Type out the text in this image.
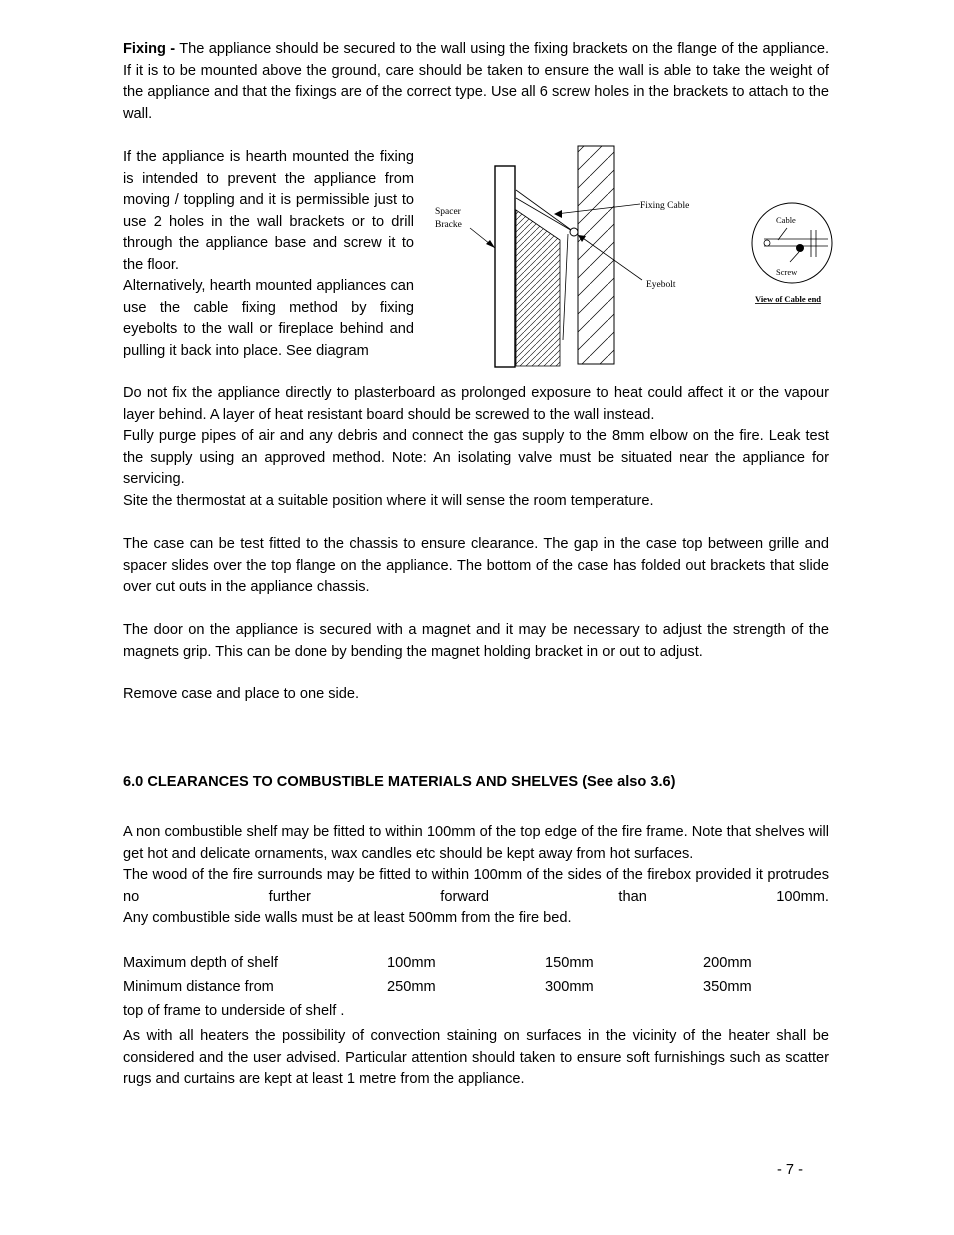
Fixing - The appliance should be secured to the wall using the fixing brackets on the flange of the appliance. If it is to be mounted above the ground, care should be taken to ensure the wall is able to take the weight of the appliance and that the fixings are of the correct type. Use all 6 screw holes in the brackets to attach to the wall.

If the appliance is hearth mounted the fixing is intended to prevent the appliance from moving / toppling and it is permissible just to use 2 holes in the wall brackets or to drill through the appliance base and screw it to the floor.

Alternatively, hearth mounted appliances can use the cable fixing method by fixing eyebolts to the wall or fireplace behind and pulling it back into place. See diagram

Spacer
Bracke
Fixing Cable
Eyebolt
Cable
Screw
View of Cable end

Do not fix the appliance directly to plasterboard as prolonged exposure to heat could affect it or the vapour layer behind. A layer of heat resistant board should be screwed to the wall instead.

Fully purge pipes of air and any debris and connect the gas supply to the 8mm elbow on the fire. Leak test the supply using an approved method. Note: An isolating valve must be situated near the appliance for servicing.

Site the thermostat at a suitable position where it will sense the room temperature.

The case can be test fitted to the chassis to ensure clearance. The gap in the case top between grille and spacer slides over the top flange on the appliance. The bottom of the case has folded out brackets that slide over cut outs in the appliance chassis.

The door on the appliance is secured with a magnet and it may be necessary to adjust the strength of the magnets grip. This can be done by bending the magnet holding bracket in or out to adjust.

Remove case and place to one side.

6.0 CLEARANCES TO COMBUSTIBLE MATERIALS AND SHELVES (See also 3.6)

A non combustible shelf may be fitted to within 100mm of the top edge of the fire frame. Note that shelves will get hot and delicate ornaments, wax candles etc should be kept away from hot surfaces.

The wood of the fire surrounds may be fitted to within 100mm of the sides of the firebox provided it protrudes no further forward than 100mm.

Any combustible side walls must be at least 500mm from the fire bed.

Maximum depth of shelf	100mm	150mm	200mm
Minimum distance from	250mm	300mm	350mm
top of frame to underside of shelf .
As with all heaters the possibility of convection staining on surfaces in the vicinity of the heater shall be considered and the user advised. Particular attention should taken to ensure soft furnishings such as scatter rugs and curtains are kept at least 1 metre from the appliance.
- 7 -
